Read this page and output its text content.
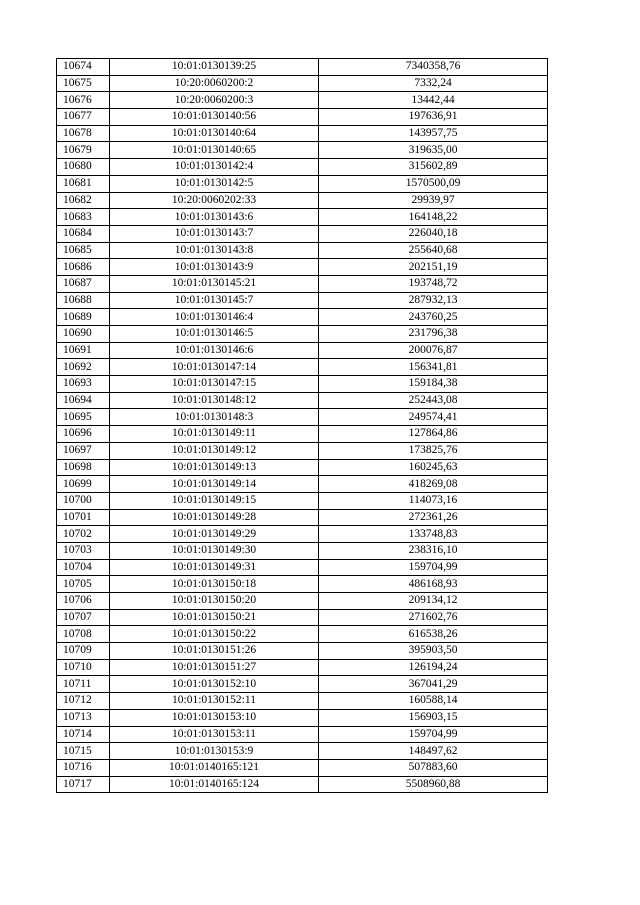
10674	10:01:0130139:25	7340358,76
10675	10:20:0060200:2	7332,24
10676	10:20:0060200:3	13442,44
10677	10:01:0130140:56	197636,91
10678	10:01:0130140:64	143957,75
10679	10:01:0130140:65	319635,00
10680	10:01:0130142:4	315602,89
10681	10:01:0130142:5	1570500,09
10682	10:20:0060202:33	29939,97
10683	10:01:0130143:6	164148,22
10684	10:01:0130143:7	226040,18
10685	10:01:0130143:8	255640,68
10686	10:01:0130143:9	202151,19
10687	10:01:0130145:21	193748,72
10688	10:01:0130145:7	287932,13
10689	10:01:0130146:4	243760,25
10690	10:01:0130146:5	231796,38
10691	10:01:0130146:6	200076,87
10692	10:01:0130147:14	156341,81
10693	10:01:0130147:15	159184,38
10694	10:01:0130148:12	252443,08
10695	10:01:0130148:3	249574,41
10696	10:01:0130149:11	127864,86
10697	10:01:0130149:12	173825,76
10698	10:01:0130149:13	160245,63
10699	10:01:0130149:14	418269,08
10700	10:01:0130149:15	114073,16
10701	10:01:0130149:28	272361,26
10702	10:01:0130149:29	133748,83
10703	10:01:0130149:30	238316,10
10704	10:01:0130149:31	159704,99
10705	10:01:0130150:18	486168,93
10706	10:01:0130150:20	209134,12
10707	10:01:0130150:21	271602,76
10708	10:01:0130150:22	616538,26
10709	10:01:0130151:26	395903,50
10710	10:01:0130151:27	126194,24
10711	10:01:0130152:10	367041,29
10712	10:01:0130152:11	160588,14
10713	10:01:0130153:10	156903,15
10714	10:01:0130153:11	159704,99
10715	10:01:0130153:9	148497,62
10716	10:01:0140165:121	507883,60
10717	10:01:0140165:124	5508960,88
